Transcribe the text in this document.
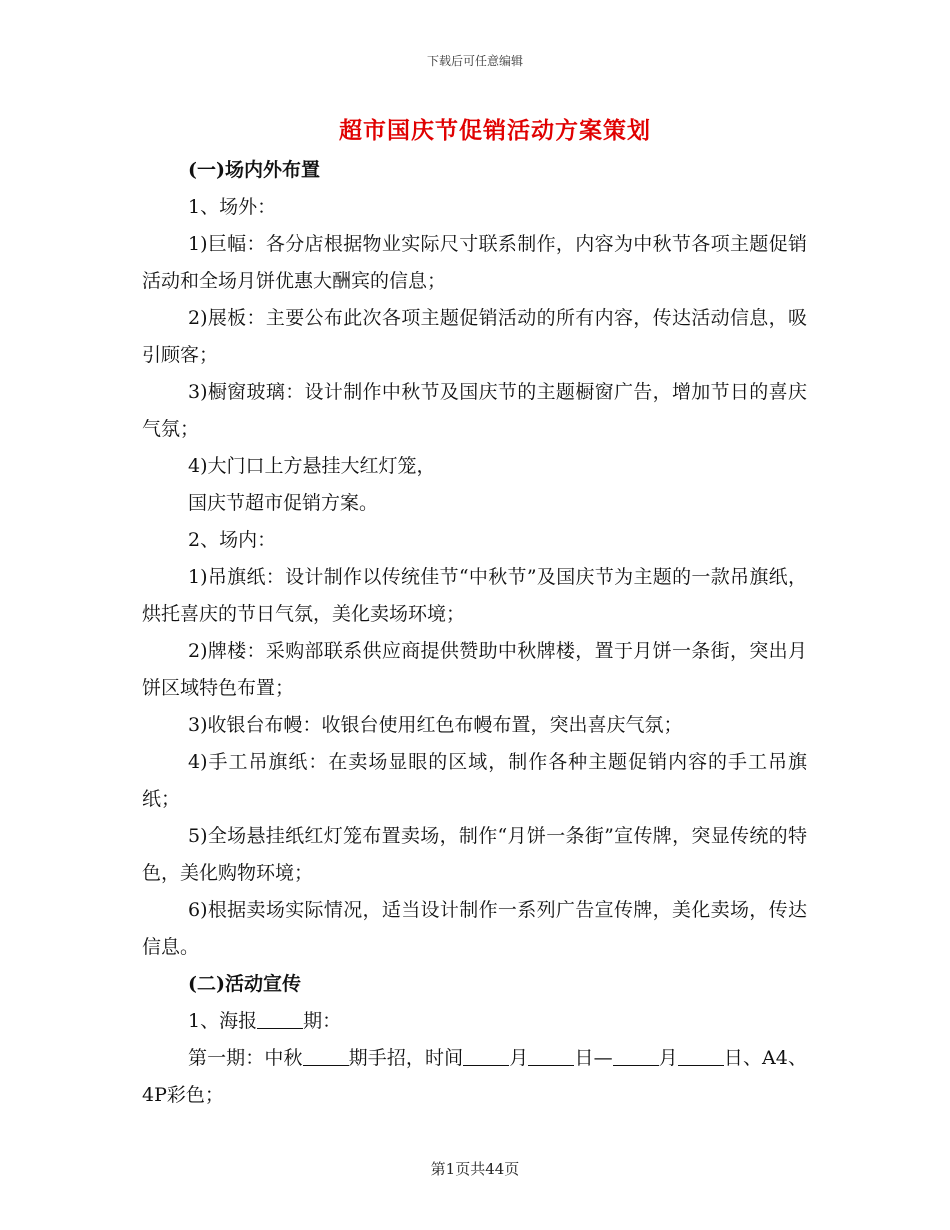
下载后可任意编辑
超市国庆节促销活动方案策划

(一)场内外布置

1、场外：

1)巨幅：各分店根据物业实际尺寸联系制作，内容为中秋节各项主题促销活动和全场月饼优惠大酬宾的信息；

2)展板：主要公布此次各项主题促销活动的所有内容，传达活动信息，吸引顾客；

3)橱窗玻璃：设计制作中秋节及国庆节的主题橱窗广告，增加节日的喜庆气氛；

4)大门口上方悬挂大红灯笼，

国庆节超市促销方案。

2、场内：

1)吊旗纸：设计制作以传统佳节“中秋节”及国庆节为主题的一款吊旗纸，烘托喜庆的节日气氛，美化卖场环境；

2)牌楼：采购部联系供应商提供赞助中秋牌楼，置于月饼一条街，突出月饼区域特色布置；

3)收银台布幔：收银台使用红色布幔布置，突出喜庆气氛；

4)手工吊旗纸：在卖场显眼的区域，制作各种主题促销内容的手工吊旗纸；

5)全场悬挂纸红灯笼布置卖场，制作“月饼一条街”宣传牌，突显传统的特色，美化购物环境；

6)根据卖场实际情况，适当设计制作一系列广告宣传牌，美化卖场，传达信息。

(二)活动宣传

1、海报 期：

第一期：中秋 期手招，时间 月 日— 月 日、A4、4P彩色；

第1页共44页
